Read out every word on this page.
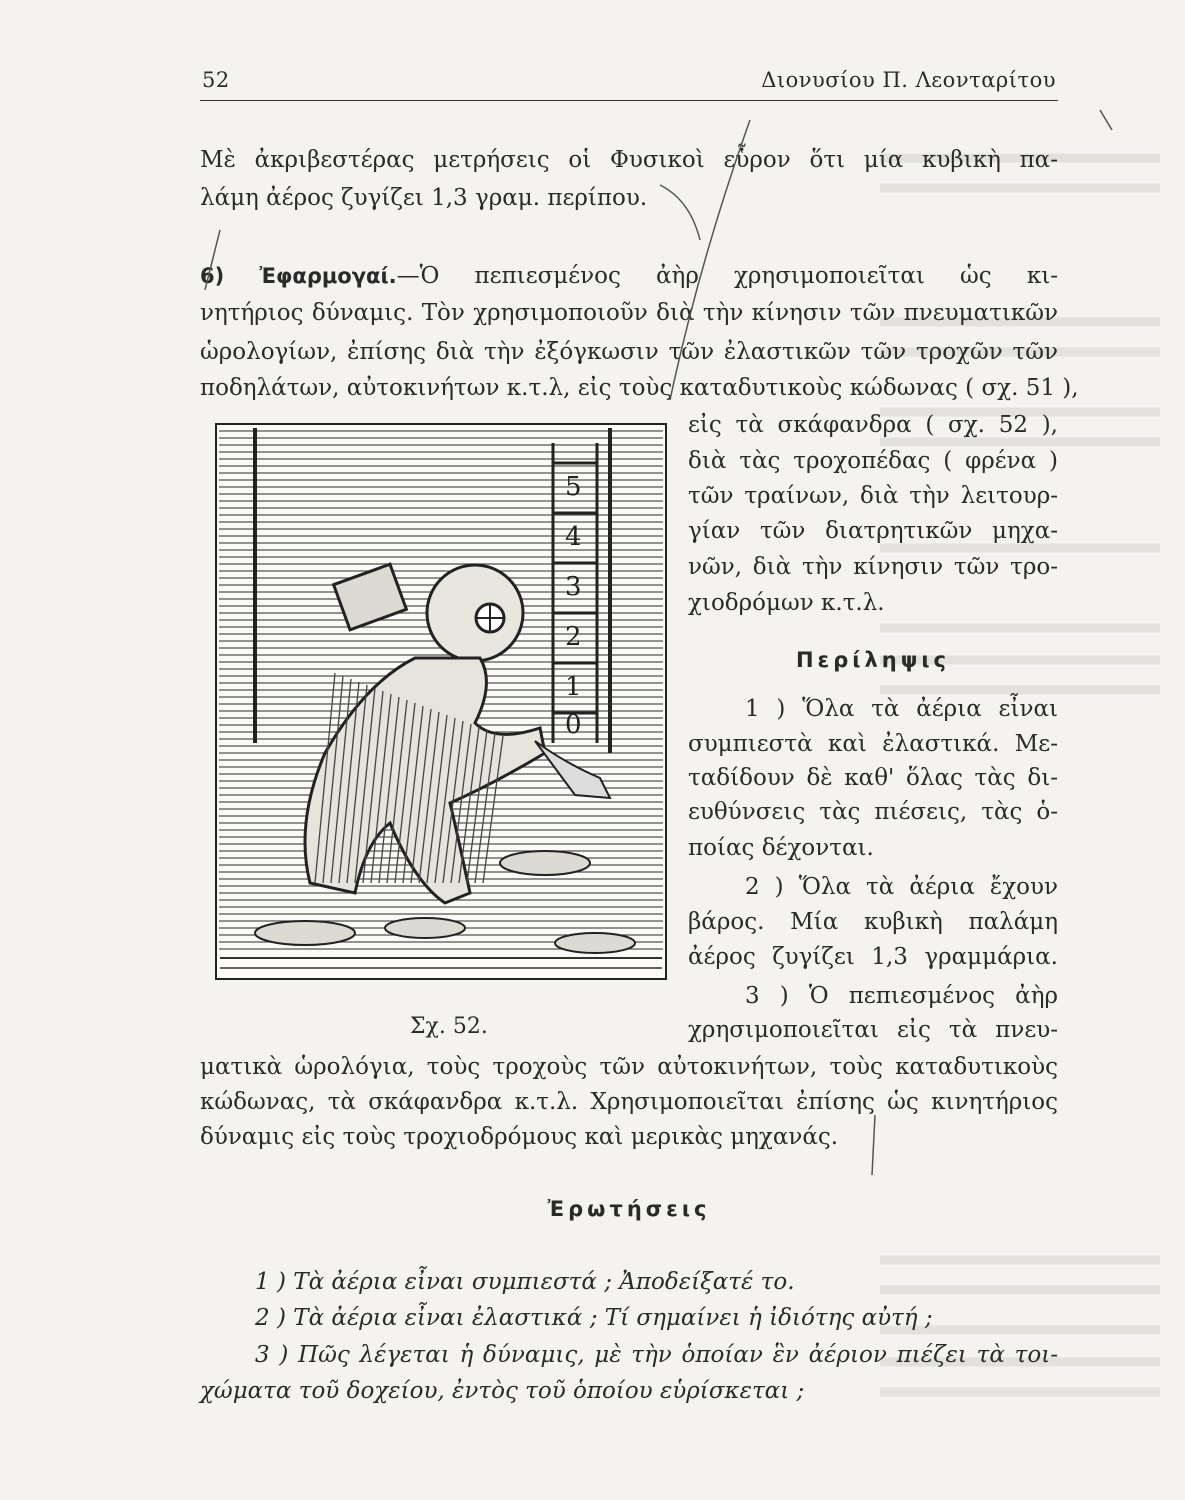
52	Διονυσίου Π. Λεονταρίτου
Μὲ ἀκριβεστέρας μετρήσεις οἱ Φυσικοὶ εὗρον ὅτι μία κυβικὴ πα-
λάμη ἀέρος ζυγίζει 1,3 γραμ. περίπου.
6) Ἐφαρμογαί.—Ὁ πεπιεσμένος ἀὴρ χρησιμοποιεῖται ὡς κι-
νητήριος δύναμις. Τὸν χρησιμοποιοῦν διὰ τὴν κίνησιν τῶν πνευματικῶν
ὡρολογίων, ἐπίσης διὰ τὴν ἐξόγκωσιν τῶν ἐλαστικῶν τῶν τροχῶν τῶν
ποδηλάτων, αὐτοκινήτων κ.τ.λ, εἰς τοὺς καταδυτικοὺς κώδωνας ( σχ. 51 ),
εἰς τὰ σκάφανδρα ( σχ. 52 ),
διὰ τὰς τροχοπέδας ( φρένα )
τῶν τραίνων, διὰ τὴν λειτουρ-
γίαν τῶν διατρητικῶν μηχα-
νῶν, διὰ τὴν κίνησιν τῶν τρο-
χιοδρόμων κ.τ.λ.
Περίληψις
1 ) Ὅλα τὰ ἀέρια εἶναι
συμπιεστὰ καὶ ἐλαστικά. Με-
ταδίδουν δὲ καθ' ὅλας τὰς δι-
ευθύνσεις τὰς πιέσεις, τὰς ὁ-
ποίας δέχονται.
2 ) Ὅλα τὰ ἀέρια ἔχουν
βάρος. Μία κυβικὴ παλάμη
ἀέρος ζυγίζει 1,3 γραμμάρια.
3 ) Ὁ πεπιεσμένος ἀὴρ
χρησιμοποιεῖται εἰς τὰ πνευ-
ματικὰ ὡρολόγια, τοὺς τροχοὺς τῶν αὐτοκινήτων, τοὺς καταδυτικοὺς
κώδωνας, τὰ σκάφανδρα κ.τ.λ. Χρησιμοποιεῖται ἐπίσης ὡς κινητήριος
δύναμις εἰς τοὺς τροχιοδρόμους καὶ μερικὰς μηχανάς.
Ἐρωτήσεις
1 ) Τὰ ἀέρια εἶναι συμπιεστά ; Ἀποδείξατέ το.
2 ) Τὰ ἀέρια εἶναι ἐλαστικά ; Τί σημαίνει ἡ ἰδιότης αὐτή ;
3 ) Πῶς λέγεται ἡ δύναμις, μὲ τὴν ὁποίαν ἓν ἀέριον πιέζει τὰ τοι-
χώματα τοῦ δοχείου, ἐντὸς τοῦ ὁποίου εὑρίσκεται ;
5
4
3
2
1
0
Σχ. 52.
